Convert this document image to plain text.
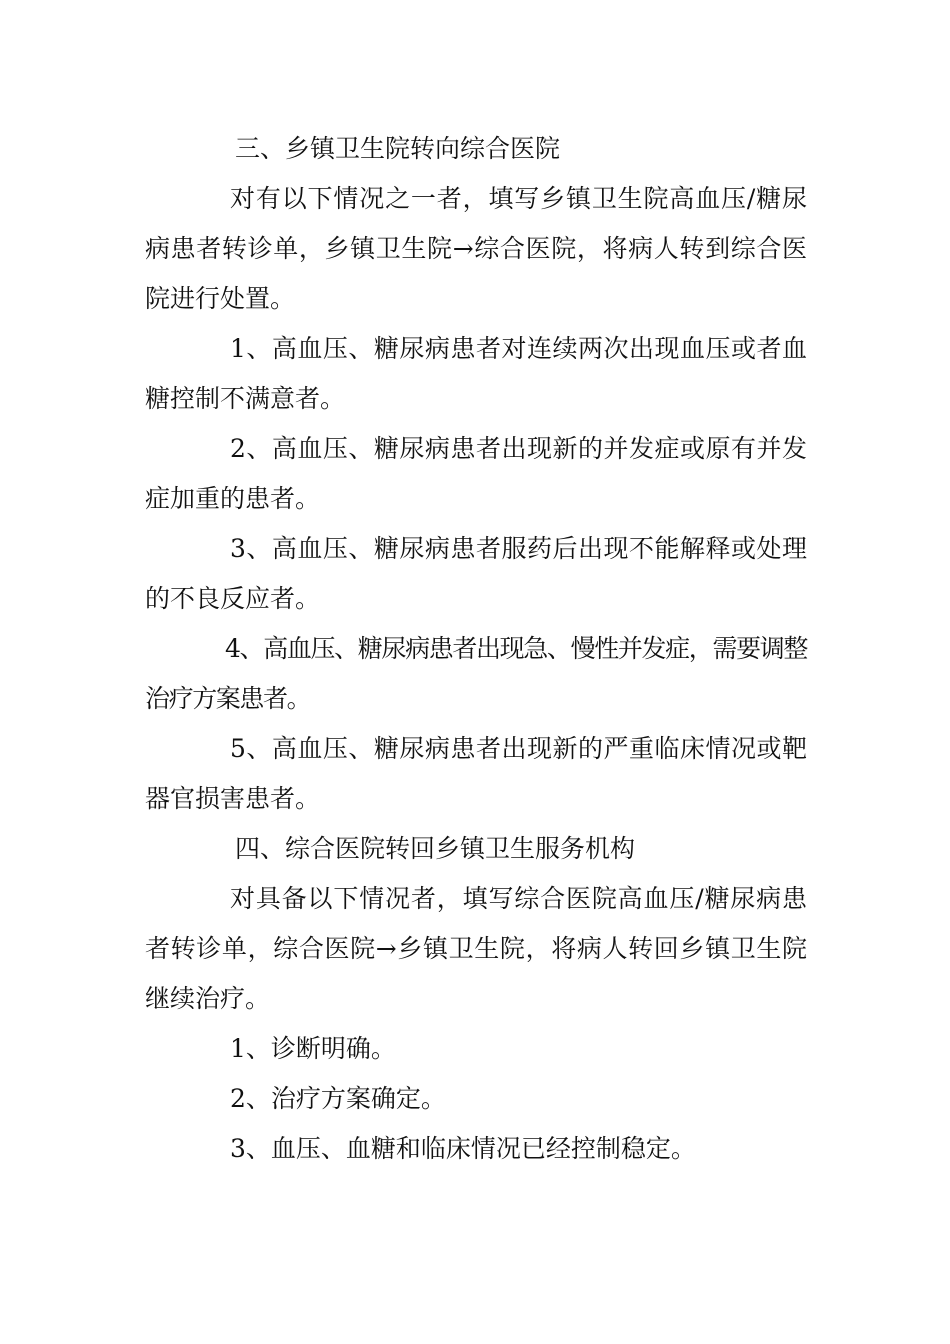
三、乡镇卫生院转向综合医院

对有以下情况之一者，填写乡镇卫生院高血压/糖尿病患者转诊单，乡镇卫生院→综合医院，将病人转到综合医院进行处置。

1、高血压、糖尿病患者对连续两次出现血压或者血糖控制不满意者。

2、高血压、糖尿病患者出现新的并发症或原有并发症加重的患者。

3、高血压、糖尿病患者服药后出现不能解释或处理的不良反应者。

4、高血压、糖尿病患者出现急、慢性并发症，需要调整治疗方案患者。

5、高血压、糖尿病患者出现新的严重临床情况或靶器官损害患者。

四、综合医院转回乡镇卫生服务机构

对具备以下情况者，填写综合医院高血压/糖尿病患者转诊单，综合医院→乡镇卫生院，将病人转回乡镇卫生院继续治疗。

1、诊断明确。

2、治疗方案确定。

3、血压、血糖和临床情况已经控制稳定。
